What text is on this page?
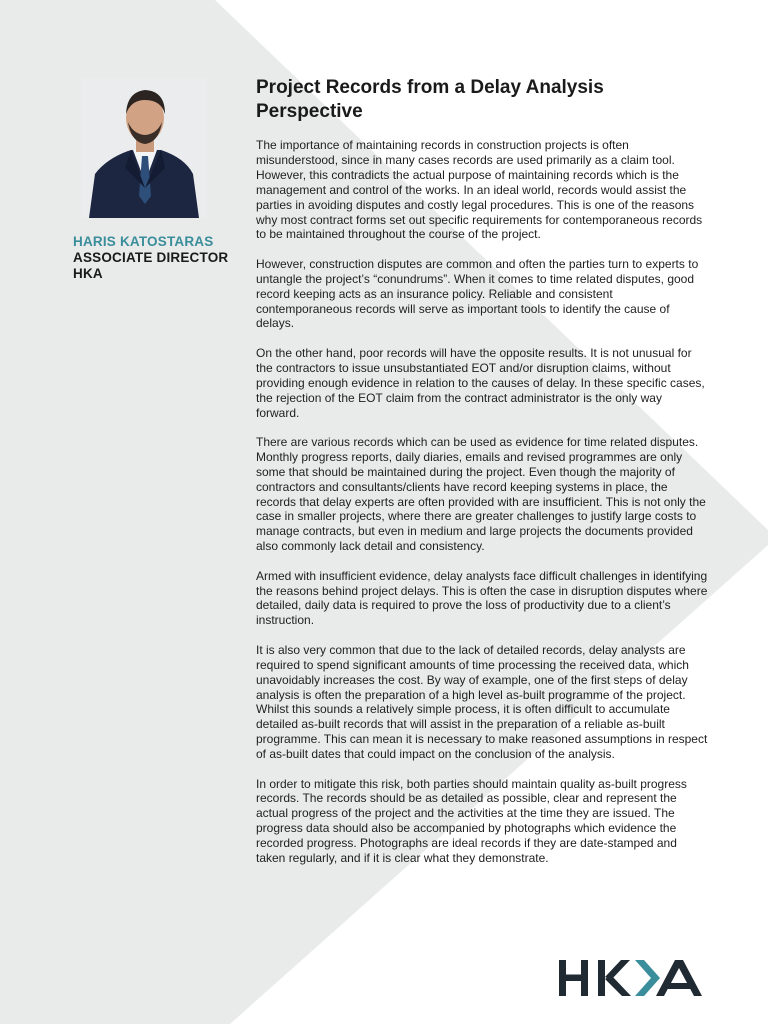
HARIS KATOSTARAS
ASSOCIATE DIRECTOR
HKA
Project Records from a Delay Analysis Perspective

The importance of maintaining records in construction projects is often misunderstood, since in many cases records are used primarily as a claim tool. However, this contradicts the actual purpose of maintaining records which is the management and control of the works. In an ideal world, records would assist the parties in avoiding disputes and costly legal procedures. This is one of the reasons why most contract forms set out specific requirements for contemporaneous records to be maintained throughout the course of the project.

However, construction disputes are common and often the parties turn to experts to untangle the project’s “conundrums”. When it comes to time related disputes, good record keeping acts as an insurance policy. Reliable and consistent contemporaneous records will serve as important tools to identify the cause of delays.

On the other hand, poor records will have the opposite results. It is not unusual for the contractors to issue unsubstantiated EOT and/or disruption claims, without providing enough evidence in relation to the causes of delay. In these specific cases, the rejection of the EOT claim from the contract administrator is the only way forward.

There are various records which can be used as evidence for time related disputes. Monthly progress reports, daily diaries, emails and revised programmes are only some that should be maintained during the project. Even though the majority of contractors and consultants/clients have record keeping systems in place, the records that delay experts are often provided with are insufficient. This is not only the case in smaller projects, where there are greater challenges to justify large costs to manage contracts, but even in medium and large projects the documents provided also commonly lack detail and consistency.

Armed with insufficient evidence, delay analysts face difficult challenges in identifying the reasons behind project delays. This is often the case in disruption disputes where detailed, daily data is required to prove the loss of productivity due to a client’s instruction.

It is also very common that due to the lack of detailed records, delay analysts are required to spend significant amounts of time processing the received data, which unavoidably increases the cost. By way of example, one of the first steps of delay analysis is often the preparation of a high level as-built programme of the project. Whilst this sounds a relatively simple process, it is often difficult to accumulate detailed as-built records that will assist in the preparation of a reliable as-built programme. This can mean it is necessary to make reasoned assumptions in respect of as-built dates that could impact on the conclusion of the analysis.

In order to mitigate this risk, both parties should maintain quality as-built progress records. The records should be as detailed as possible, clear and represent the actual progress of the project and the activities at the time they are issued. The progress data should also be accompanied by photographs which evidence the recorded progress. Photographs are ideal records if they are date-stamped and taken regularly, and if it is clear what they demonstrate.
